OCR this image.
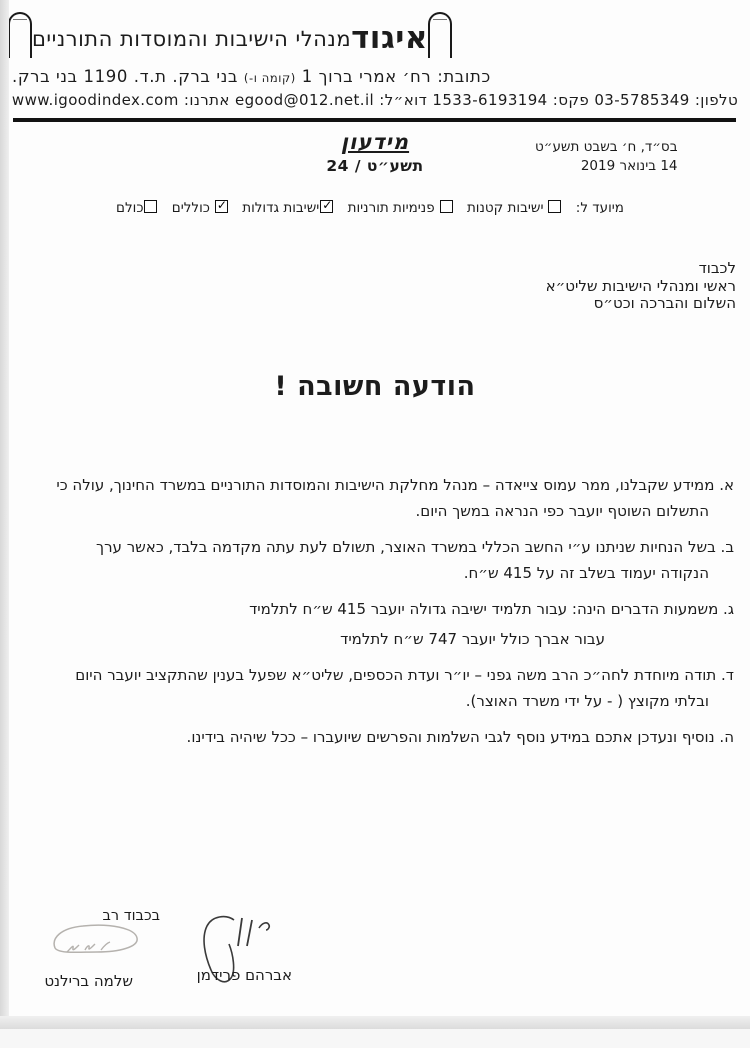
איגודמנהלי הישיבות והמוסדות התורניים
כתובת: רח׳ אמרי ברוך 1 (קומה ו-) בני ברק. ת.ד. 1190 בני ברק.
טלפון: 03-5785349 פקס: 1533-6193194 דוא״ל: egood@012.net.il אתרנו: www.igoodindex.com
בס״ד, ח׳ בשבט תשע״ט
14 בינואר 2019
מידעון
תשע״ט / 24
מיועד ל: ישיבות קטנות פנימיות תורניות
✓
ישיבות גדולות
✓
כוללים כולם
לכבוד
ראשי ומנהלי הישיבות שליט״א
השלום והברכה וכט״ס
הודעה חשובה !

א. ממידע שקבלנו, ממר עמוס צייאדה – מנהל מחלקת הישיבות והמוסדות התורניים במשרד החינוך, עולה כי התשלום השוטף יועבר כפי הנראה במשך היום.

ב. בשל הנחיות שניתנו ע״י החשב הכללי במשרד האוצר, תשולם לעת עתה מקדמה בלבד, כאשר ערך הנקודה יעמוד בשלב זה על 415 ש״ח.

ג. משמעות הדברים הינה: עבור תלמיד ישיבה גדולה יועבר 415 ש״ח לתלמיד
עבור אברך כולל יועבר 747 ש״ח לתלמיד

ד. תודה מיוחדת לחה״כ הרב משה גפני – יו״ר ועדת הכספים, שליט״א שפעל בענין שהתקציב יועבר היום ובלתי מקוצץ ( - על ידי משרד האוצר).

ה. נוסיף ונעדכן אתכם במידע נוסף לגבי השלמות והפרשים שיועברו – ככל שיהיה בידינו.

בכבוד רב
אברהם פרידמן
שלמה ברילנט
